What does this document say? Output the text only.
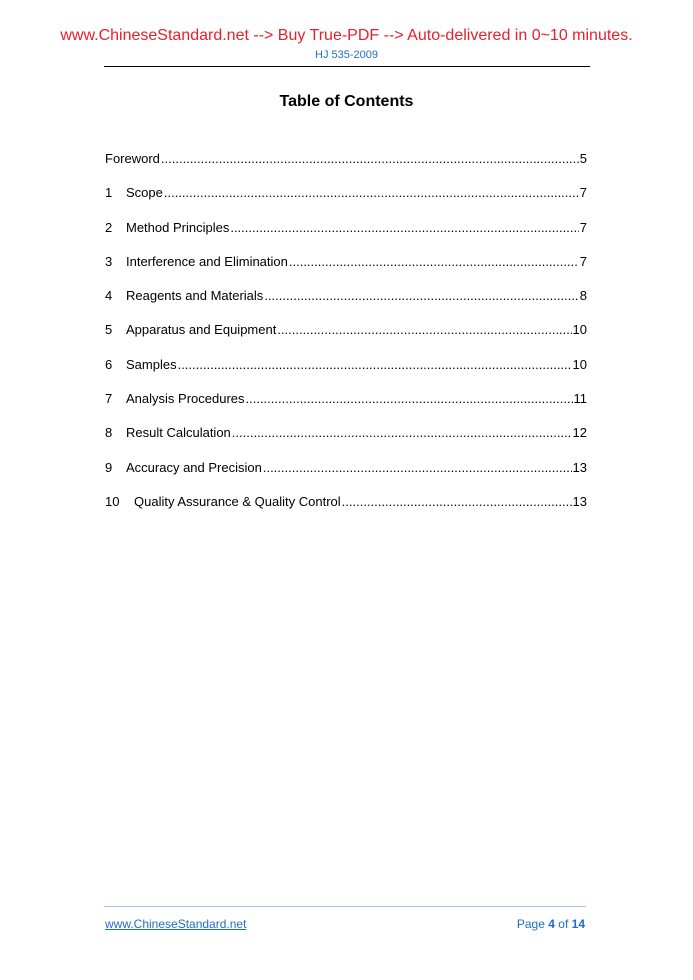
www.ChineseStandard.net --> Buy True-PDF --> Auto-delivered in 0~10 minutes.
HJ 535-2009
Table of Contents
Foreword .....	5
1	Scope .....	7
2	Method Principles .....	7
3	Interference and Elimination .....	7
4	Reagents and Materials .....	8
5	Apparatus and Equipment .....	10
6	Samples .....	10
7	Analysis Procedures .....	11
8	Result Calculation .....	12
9	Accuracy and Precision .....	13
10	Quality Assurance & Quality Control .....	13
www.ChineseStandard.net	Page 4 of 14
